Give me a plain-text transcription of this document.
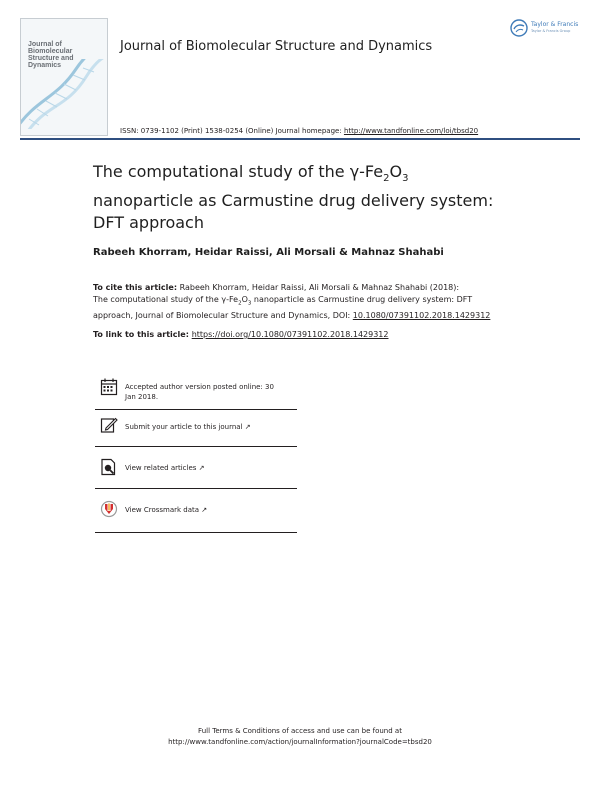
Journal of Biomolecular
Structure and Dynamics
Journal of Biomolecular Structure and Dynamics
ISSN: 0739-1102 (Print) 1538-0254 (Online) Journal homepage: http://www.tandfonline.com/loi/tbsd20
Taylor & Francis
Taylor & Francis Group
The computational study of the $\gamma-Fe_2O_3$
nanoparticle as Carmustine drug delivery system:
DFT approach
Rabeeh Khorram, Heidar Raissi, Ali Morsali & Mahnaz Shahabi
To cite this article: Rabeeh Khorram, Heidar Raissi, Ali Morsali & Mahnaz Shahabi (2018):
The computational study of the $\gamma-Fe_2O_3$ nanoparticle as Carmustine drug delivery system: DFT
approach, Journal of Biomolecular Structure and Dynamics, DOI: 10.1080/07391102.2018.1429312
To link to this article: https://doi.org/10.1080/07391102.2018.1429312
Accepted author version posted online: 30
Jan 2018.
Submit your article to this journal ↗
View related articles ↗
View Crossmark data ↗
Full Terms & Conditions of access and use can be found at
http://www.tandfonline.com/action/journalInformation?journalCode=tbsd20
